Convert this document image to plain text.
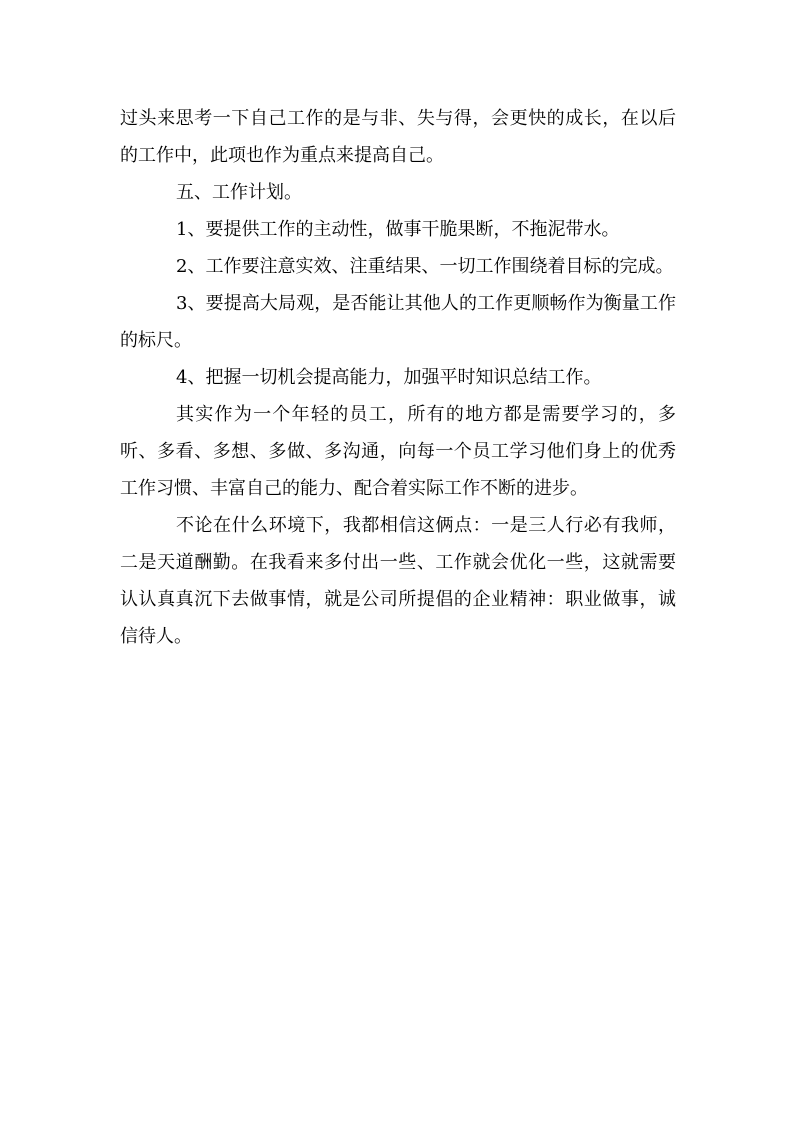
过头来思考一下自己工作的是与非、失与得，会更快的成长，在以后的工作中，此项也作为重点来提高自己。

五、工作计划。

1、要提供工作的主动性，做事干脆果断，不拖泥带水。

2、工作要注意实效、注重结果、一切工作围绕着目标的完成。

3、要提高大局观，是否能让其他人的工作更顺畅作为衡量工作的标尺。

4、把握一切机会提高能力，加强平时知识总结工作。

其实作为一个年轻的员工，所有的地方都是需要学习的，多听、多看、多想、多做、多沟通，向每一个员工学习他们身上的优秀工作习惯、丰富自己的能力、配合着实际工作不断的进步。

不论在什么环境下，我都相信这俩点：一是三人行必有我师，二是天道酬勤。在我看来多付出一些、工作就会优化一些，这就需要认认真真沉下去做事情，就是公司所提倡的企业精神：职业做事，诚信待人。
